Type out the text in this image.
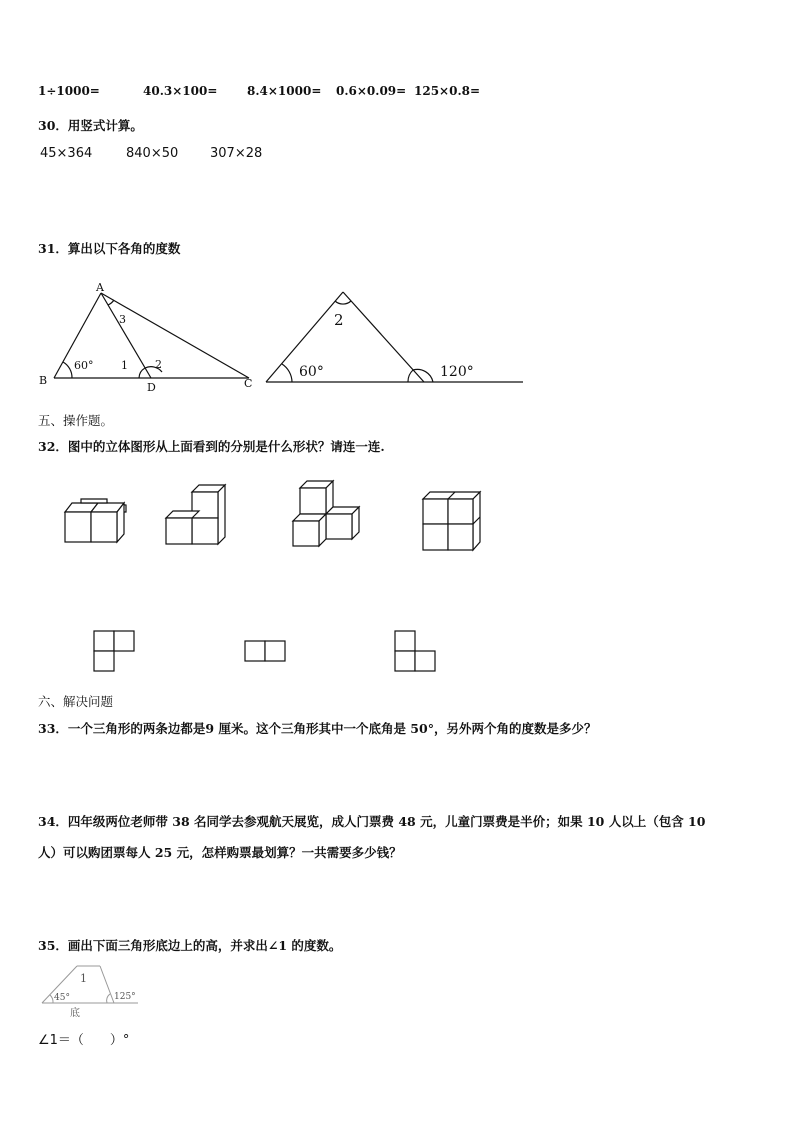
1÷1000=	40.3×100= 8.4×1000= 0.6×0.09= 125×0.8=
30．用竖式计算。
45×364	840×50 307×28
31．算出以下各角的度数
A
B	C
D
60°	1 2
3	2
60°	120°
五、操作题。
32．图中的立体图形从上面看到的分别是什么形状？请连一连.
六、解决问题
33．一个三角形的两条边都是9 厘米。这个三角形其中一个底角是 50°，另外两个角的度数是多少？
34．四年级两位老师带 38 名同学去参观航天展览，成人门票费 48 元，儿童门票费是半价；如果 10 人以上（包含 10
人）可以购团票每人 25 元，怎样购票最划算？一共需要多少钱？
35．画出下面三角形底边上的高，并求出∠1 的度数。
1
45°	125°
底
∠1＝（　　）°
